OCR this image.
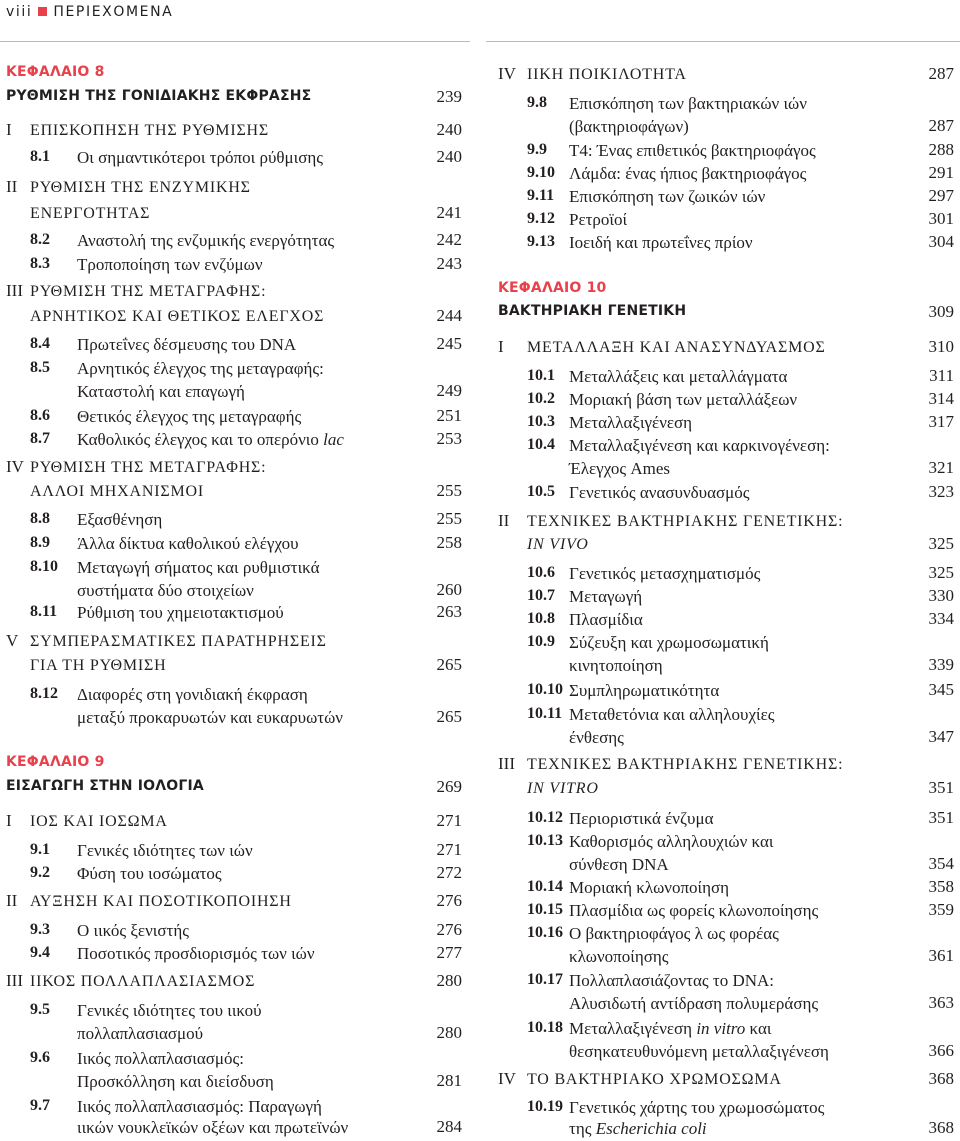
viii ΠΕΡΙΕΧΟΜΕΝΑ
ΚΕΦΑΛΑΙΟ 8
ΡΥΘΜΙΣΗ ΤΗΣ ΓΟΝΙΔΙΑΚΗΣ ΕΚΦΡΑΣΗΣ	239
I ΕΠΙΣΚΟΠΗΣΗ ΤΗΣ ΡΥΘΜΙΣΗΣ	240
8.1 Οι σημαντικότεροι τρόποι ρύθμισης	240
II ΡΥΘΜΙΣΗ ΤΗΣ ΕΝΖΥΜΙΚΗΣ
ΕΝΕΡΓΟΤΗΤΑΣ	241
8.2 Αναστολή της ενζυμικής ενεργότητας	242
8.3 Τροποποίηση των ενζύμων	243
III ΡΥΘΜΙΣΗ ΤΗΣ ΜΕΤΑΓΡΑΦΗΣ:
ΑΡΝΗΤΙΚΟΣ ΚΑΙ ΘΕΤΙΚΟΣ ΕΛΕΓΧΟΣ	244
8.4 Πρωτεΐνες δέσμευσης του DNA	245
8.5 Αρνητικός έλεγχος της μεταγραφής:
Καταστολή και επαγωγή	249
8.6 Θετικός έλεγχος της μεταγραφής	251
8.7 Καθολικός έλεγχος και το οπερόνιο lac	253
IV ΡΥΘΜΙΣΗ ΤΗΣ ΜΕΤΑΓΡΑΦΗΣ:
ΑΛΛΟΙ ΜΗΧΑΝΙΣΜΟΙ	255
8.8 Εξασθένηση	255
8.9 Άλλα δίκτυα καθολικού ελέγχου	258
8.10 Μεταγωγή σήματος και ρυθμιστικά
συστήματα δύο στοιχείων	260
8.11 Ρύθμιση του χημειοτακτισμού	263
V ΣΥΜΠΕΡΑΣΜΑΤΙΚΕΣ ΠΑΡΑΤΗΡΗΣΕΙΣ
ΓΙΑ ΤΗ ΡΥΘΜΙΣΗ	265
8.12 Διαφορές στη γονιδιακή έκφραση
μεταξύ προκαρυωτών και ευκαρυωτών	265
ΚΕΦΑΛΑΙΟ 9
ΕΙΣΑΓΩΓΗ ΣΤΗΝ ΙΟΛΟΓΙΑ	269
I ΙΟΣ ΚΑΙ ΙΟΣΩΜΑ	271
9.1 Γενικές ιδιότητες των ιών	271
9.2 Φύση του ιοσώματος	272
II ΑΥΞΗΣΗ ΚΑΙ ΠΟΣΟΤΙΚΟΠΟΙΗΣΗ	276
9.3 Ο ιικός ξενιστής	276
9.4 Ποσοτικός προσδιορισμός των ιών	277
III ΙΙΚΟΣ ΠΟΛΛΑΠΛΑΣΙΑΣΜΟΣ	280
9.5 Γενικές ιδιότητες του ιικού
πολλαπλασιασμού	280
9.6 Ιικός πολλαπλασιασμός:
Προσκόλληση και διείσδυση	281
9.7 Ιικός πολλαπλασιασμός: Παραγωγή
ιικών νουκλεϊκών οξέων και πρωτεϊνών	284
IV ΙΙΚΗ ΠΟΙΚΙΛΟΤΗΤΑ	287
9.8 Επισκόπηση των βακτηριακών ιών
(βακτηριοφάγων)	287
9.9 Τ4: Ένας επιθετικός βακτηριοφάγος	288
9.10 Λάμδα: ένας ήπιος βακτηριοφάγος	291
9.11 Επισκόπηση των ζωικών ιών	297
9.12 Ρετροϊοί	301
9.13 Ιοειδή και πρωτεΐνες πρίον	304
ΚΕΦΑΛΑΙΟ 10
ΒΑΚΤΗΡΙΑΚΗ ΓΕΝΕΤΙΚΗ	309
I ΜΕΤΑΛΛΑΞΗ ΚΑΙ ΑΝΑΣΥΝΔΥΑΣΜΟΣ	310
10.1 Μεταλλάξεις και μεταλλάγματα	311
10.2 Μοριακή βάση των μεταλλάξεων	314
10.3 Μεταλλαξιγένεση	317
10.4 Μεταλλαξιγένεση και καρκινογένεση:
Έλεγχος Ames	321
10.5 Γενετικός ανασυνδυασμός	323
II ΤΕΧΝΙΚΕΣ ΒΑΚΤΗΡΙΑΚΗΣ ΓΕΝΕΤΙΚΗΣ:
IN VIVO	325
10.6 Γενετικός μετασχηματισμός	325
10.7 Μεταγωγή	330
10.8 Πλασμίδια	334
10.9 Σύζευξη και χρωμοσωματική
κινητοποίηση	339
10.10 Συμπληρωματικότητα	345
10.11 Μεταθετόνια και αλληλουχίες
ένθεσης	347
III ΤΕΧΝΙΚΕΣ ΒΑΚΤΗΡΙΑΚΗΣ ΓΕΝΕΤΙΚΗΣ:
IN VITRO	351
10.12 Περιοριστικά ένζυμα	351
10.13 Καθορισμός αλληλουχιών και
σύνθεση DNA	354
10.14 Μοριακή κλωνοποίηση	358
10.15 Πλασμίδια ως φορείς κλωνοποίησης	359
10.16 Ο βακτηριοφάγος λ ως φορέας
κλωνοποίησης	361
10.17 Πολλαπλασιάζοντας το DNA:
Αλυσιδωτή αντίδραση πολυμεράσης	363
10.18 Μεταλλαξιγένεση in vitro και
θεσηκατευθυνόμενη μεταλλαξιγένεση	366
IV ΤΟ ΒΑΚΤΗΡΙΑΚΟ ΧΡΩΜΟΣΩΜΑ	368
10.19 Γενετικός χάρτης του χρωμοσώματος
της Escherichia coli	368
